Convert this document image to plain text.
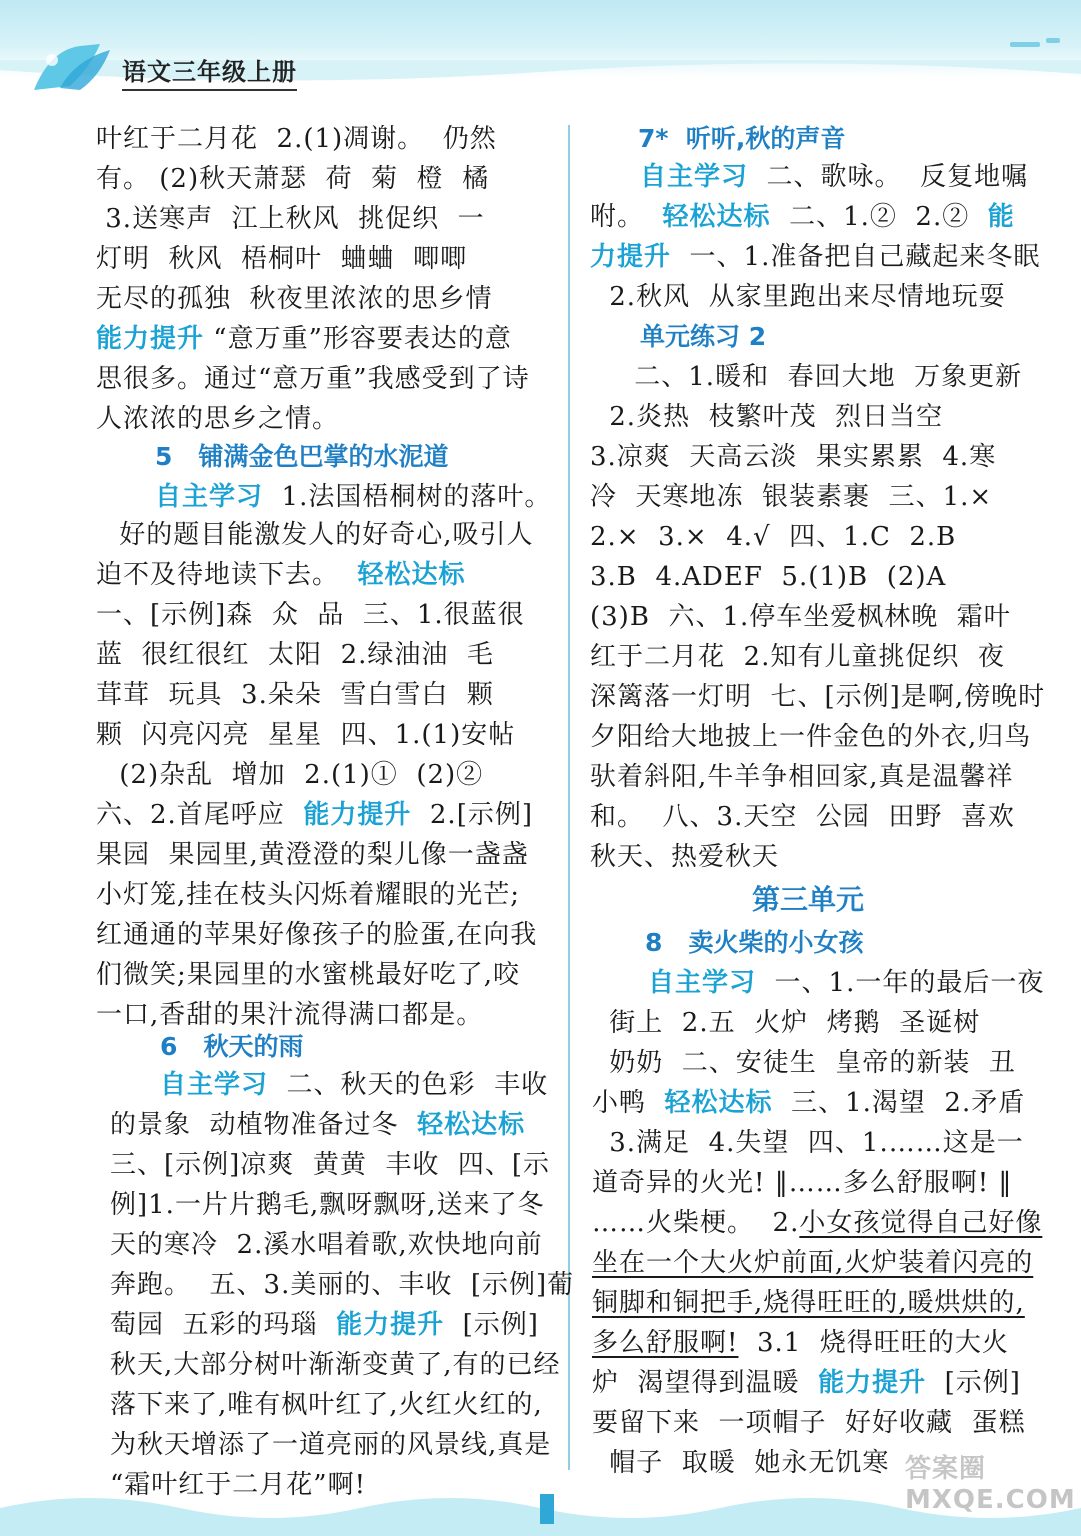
语文三年级上册
叶红于二月花  2.(1)凋谢。  仍然
有。 (2)秋天萧瑟  荷  菊  橙  橘
3.送寒声  江上秋风  挑促织  一
灯明  秋风  梧桐叶  蛐蛐  唧唧
无尽的孤独  秋夜里浓浓的思乡情
能力提升 “意万重”形容要表达的意
思很多。通过“意万重”我感受到了诗
人浓浓的思乡之情。
5   铺满金色巴掌的水泥道
自主学习  1.法国梧桐树的落叶。
好的题目能激发人的好奇心,吸引人
迫不及待地读下去。  轻松达标
一、[示例]森  众  品  三、1.很蓝很
蓝  很红很红  太阳  2.绿油油  毛
茸茸  玩具  3.朵朵  雪白雪白  颗
颗  闪亮闪亮  星星  四、1.(1)安帖
(2)杂乱  增加  2.(1)①  (2)②
六、2.首尾呼应  能力提升  2.[示例]
果园  果园里,黄澄澄的梨儿像一盏盏
小灯笼,挂在枝头闪烁着耀眼的光芒;
红通通的苹果好像孩子的脸蛋,在向我
们微笑;果园里的水蜜桃最好吃了,咬
一口,香甜的果汁流得满口都是。
6   秋天的雨
自主学习  二、秋天的色彩  丰收
的景象  动植物准备过冬  轻松达标
三、[示例]凉爽  黄黄  丰收  四、[示
例]1.一片片鹅毛,飘呀飘呀,送来了冬
天的寒冷  2.溪水唱着歌,欢快地向前
奔跑。  五、3.美丽的、丰收  [示例]葡
萄园  五彩的玛瑙  能力提升  [示例]
秋天,大部分树叶渐渐变黄了,有的已经
落下来了,唯有枫叶红了,火红火红的,
为秋天增添了一道亮丽的风景线,真是
“霜叶红于二月花”啊!
7*  听听,秋的声音
自主学习  二、歌咏。  反复地嘱
咐。  轻松达标  二、1.②  2.②  能
力提升  一、1.准备把自己藏起来冬眠
2.秋风  从家里跑出来尽情地玩耍
单元练习 2
二、1.暖和  春回大地  万象更新
2.炎热  枝繁叶茂  烈日当空
3.凉爽  天高云淡  果实累累  4.寒
冷  天寒地冻  银装素裹  三、1.×
2.×  3.×  4.√  四、1.C  2.B
3.B  4.ADEF  5.(1)B  (2)A
(3)B  六、1.停车坐爱枫林晚  霜叶
红于二月花  2.知有儿童挑促织  夜
深篱落一灯明  七、[示例]是啊,傍晚时
夕阳给大地披上一件金色的外衣,归鸟
驮着斜阳,牛羊争相回家,真是温馨祥
和。  八、3.天空  公园  田野  喜欢
秋天、热爱秋天
第三单元
8   卖火柴的小女孩
自主学习  一、1.一年的最后一夜
街上  2.五  火炉  烤鹅  圣诞树
奶奶  二、安徒生  皇帝的新装  丑
小鸭  轻松达标  三、1.渴望  2.矛盾
3.满足  4.失望  四、1.……这是一
道奇异的火光! ‖……多么舒服啊! ‖
……火柴梗。  2.小女孩觉得自己好像
坐在一个大火炉前面,火炉装着闪亮的
铜脚和铜把手,烧得旺旺的,暖烘烘的,
多么舒服啊!  3.1  烧得旺旺的大火
炉  渴望得到温暖  能力提升  [示例]
要留下来  一项帽子  好好收藏  蛋糕
帽子  取暖  她永无饥寒 答案圈 MXQE.COM
